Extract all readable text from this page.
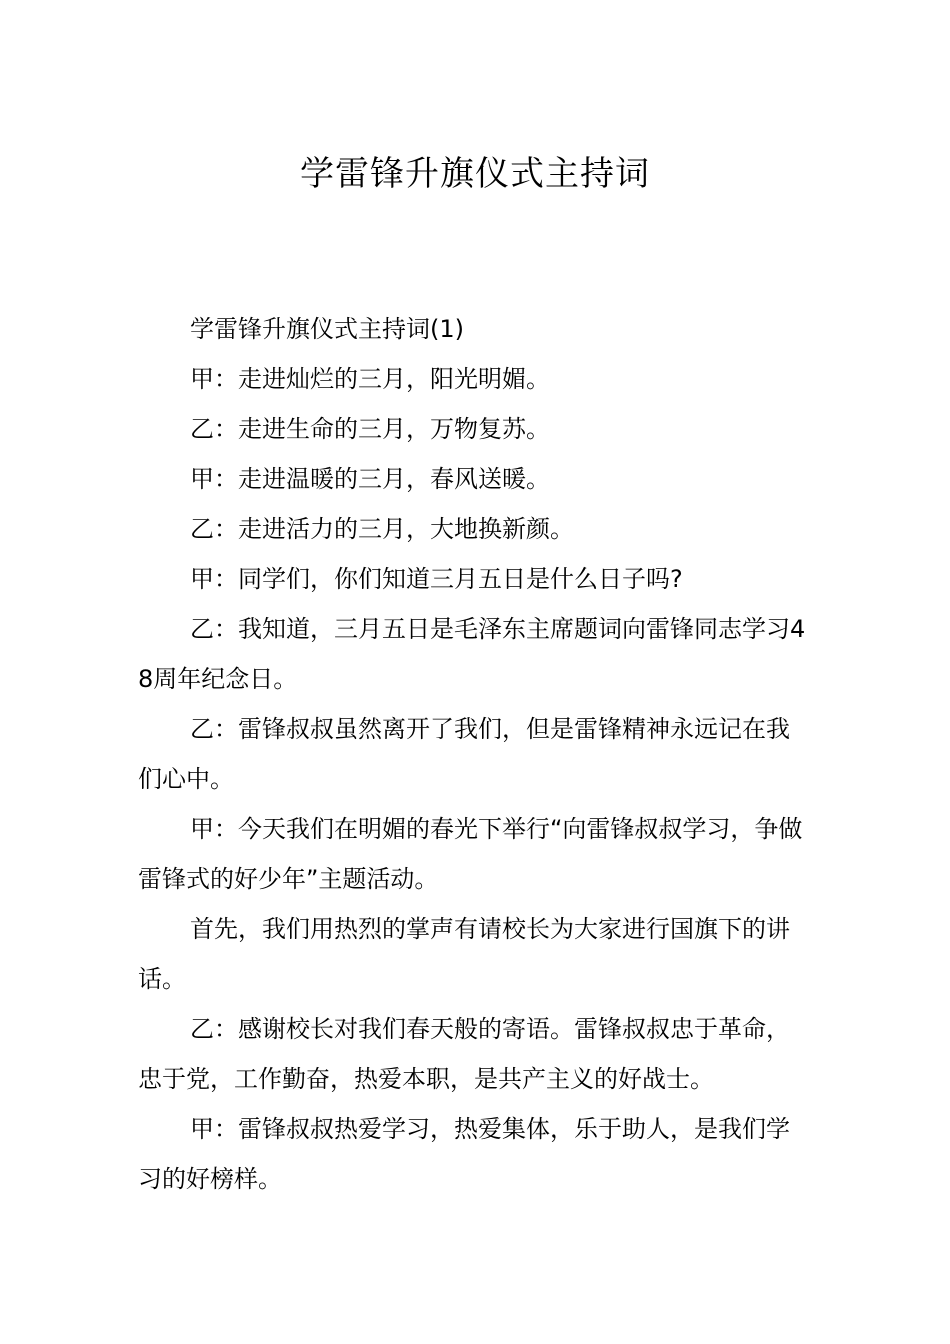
学雷锋升旗仪式主持词

学雷锋升旗仪式主持词(1)

甲：走进灿烂的三月，阳光明媚。

乙：走进生命的三月，万物复苏。

甲：走进温暖的三月，春风送暖。

乙：走进活力的三月，大地换新颜。

甲：同学们，你们知道三月五日是什么日子吗?

乙：我知道，三月五日是毛泽东主席题词向雷锋同志学习48周年纪念日。

乙：雷锋叔叔虽然离开了我们，但是雷锋精神永远记在我们心中。

甲：今天我们在明媚的春光下举行“向雷锋叔叔学习，争做雷锋式的好少年”主题活动。

首先，我们用热烈的掌声有请校长为大家进行国旗下的讲话。

乙：感谢校长对我们春天般的寄语。雷锋叔叔忠于革命，忠于党，工作勤奋，热爱本职，是共产主义的好战士。

甲：雷锋叔叔热爱学习，热爱集体，乐于助人，是我们学习的好榜样。
